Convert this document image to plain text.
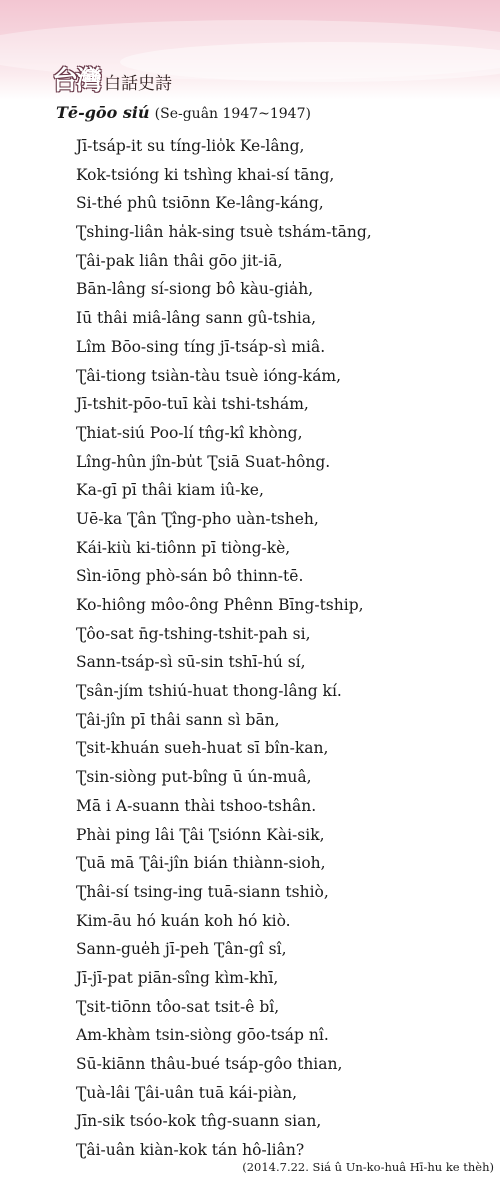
台灣 白話史詩
Tē-gōo siú (Se-guân 1947~1947)
Jī-tsáp-it su tíng-lio̍k Ke-lâng,
Kok-tsióng ki tshìng khai-sí tāng,
Si-thé phû tsiōnn Ke-lâng-káng,
Ʈshing-liân ha̍k-sing tsuè tshám-tāng,
Ʈâi-pak liân thâi gōo jit-iā,
Bān-lâng sí-siong bô kàu-gia̍h,
Iū thâi miâ-lâng sann gû-tshia,
Lîm Bōo-sing tíng jī-tsáp-sì miâ.
Ʈâi-tiong tsiàn-tàu tsuè ióng-kám,
Jī-tshit-pōo-tuī kài tshi-tshám,
Ʈhiat-siú Poo-lí tn̂g-kî khòng,
Lîng-hûn jîn-bu̍t Ʈsiā Suat-hông.
Ka-gī pī thâi kiam iû-ke,
Uē-ka Ʈân Ʈîng-pho uàn-tsheh,
Kái-kiù ki-tiônn pī tiòng-kè,
Sìn-iōng phò-sán bô thinn-tē.
Ko-hiông môo-ông Phênn Bīng-tship,
Ʈôo-sat n̄g-tshing-tshit-pah si,
Sann-tsáp-sì sū-sin tshī-hú sí,
Ʈsân-jím tshiú-huat thong-lâng kí.
Ʈâi-jîn pī thâi sann sì bān,
Ʈsit-khuán sueh-huat sī bîn-kan,
Ʈsin-siòng put-bîng ū ún-muâ,
Mā i A-suann thài tshoo-tshân.
Phài ping lâi Ʈâi Ʈsiónn Kài-sik,
Ʈuā mā Ʈâi-jîn bián thiànn-sioh,
Ʈhâi-sí tsing-ing tuā-siann tshiò,
Kim-āu hó kuán koh hó kiò.
Sann-gue̍h jī-peh Ʈân-gî sî,
Jī-jī-pat piān-sîng kìm-khī,
Ʈsit-tiōnn tôo-sat tsit-ê bî,
Am-khàm tsin-siòng gōo-tsáp nî.
Sū-kiānn thâu-bué tsáp-gôo thian,
Ʈuà-lâi Ʈâi-uân tuā kái-piàn,
Jīn-sik tsóo-kok tn̂g-suann sian,
Ʈâi-uân kiàn-kok tán hô-liân?
(2014.7.22. Siá û Un-ko-huâ Hī-hu ke thèh)
